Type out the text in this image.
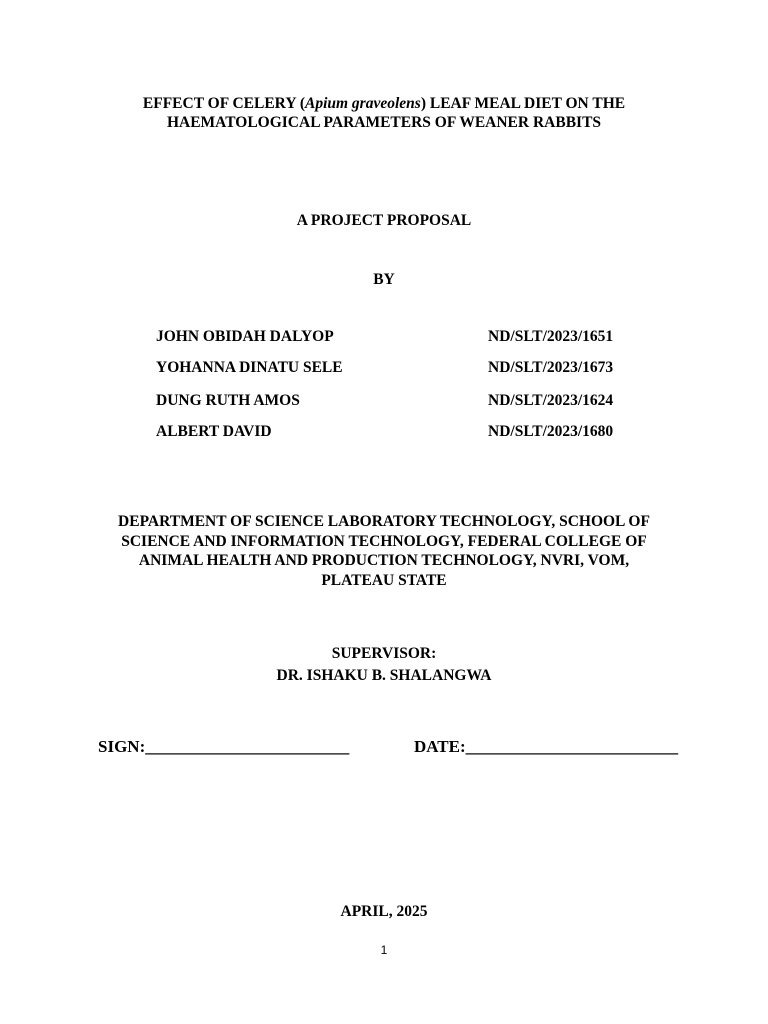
EFFECT OF CELERY (Apium graveolens) LEAF MEAL DIET ON THE
HAEMATOLOGICAL PARAMETERS OF WEANER RABBITS
A PROJECT PROPOSAL
BY
JOHN OBIDAH DALYOP	ND/SLT/2023/1651
YOHANNA DINATU SELE	ND/SLT/2023/1673
DUNG RUTH AMOS	ND/SLT/2023/1624
ALBERT DAVID	ND/SLT/2023/1680
DEPARTMENT OF SCIENCE LABORATORY TECHNOLOGY, SCHOOL OF
SCIENCE AND INFORMATION TECHNOLOGY, FEDERAL COLLEGE OF
ANIMAL HEALTH AND PRODUCTION TECHNOLOGY, NVRI, VOM,
PLATEAU STATE
SUPERVISOR:
DR. ISHAKU B. SHALANGWA
SIGN:________________________	DATE:_________________________
APRIL, 2025
1
